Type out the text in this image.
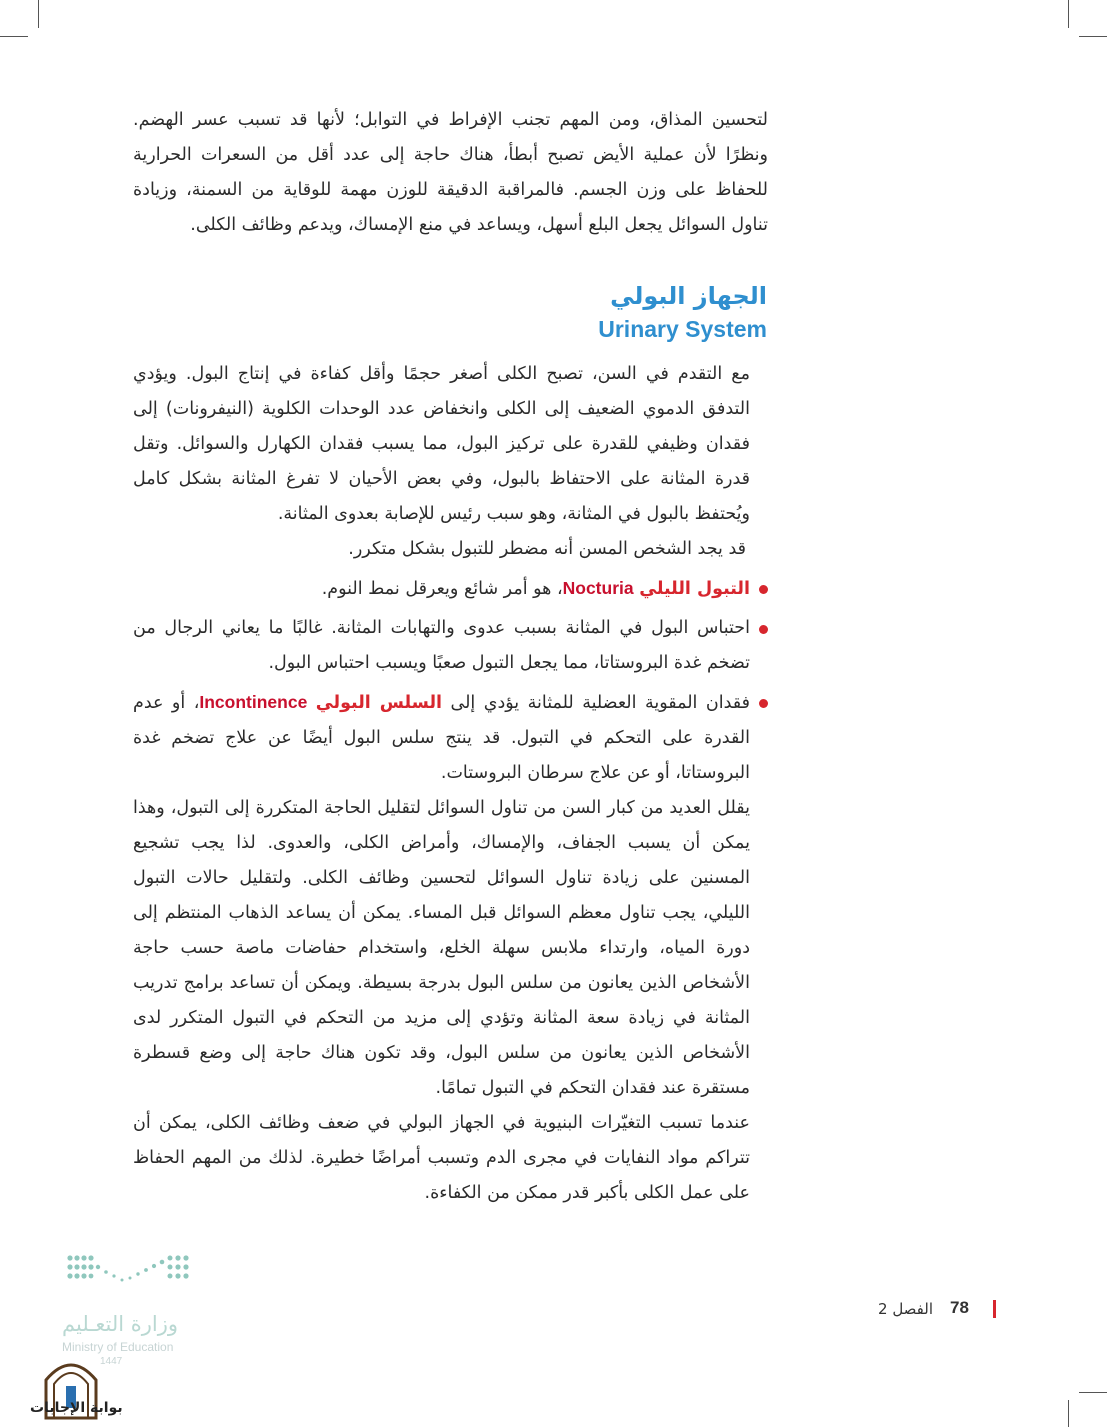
لتحسين المذاق، ومن المهم تجنب الإفراط في التوابل؛ لأنها قد تسبب عسر الهضم. ونظرًا لأن عملية الأيض تصبح أبطأ، هناك حاجة إلى عدد أقل من السعرات الحرارية للحفاظ على وزن الجسم. فالمراقبة الدقيقة للوزن مهمة للوقاية من السمنة، وزيادة تناول السوائل يجعل البلع أسهل، ويساعد في منع الإمساك، ويدعم وظائف الكلى.

الجهاز البولي
Urinary System

مع التقدم في السن، تصبح الكلى أصغر حجمًا وأقل كفاءة في إنتاج البول. ويؤدي التدفق الدموي الضعيف إلى الكلى وانخفاض عدد الوحدات الكلوية (النيفرونات) إلى فقدان وظيفي للقدرة على تركيز البول، مما يسبب فقدان الكهارل والسوائل. وتقل قدرة المثانة على الاحتفاظ بالبول، وفي بعض الأحيان لا تفرغ المثانة بشكل كامل ويُحتفظ بالبول في المثانة، وهو سبب رئيس للإصابة بعدوى المثانة.

قد يجد الشخص المسن أنه مضطر للتبول بشكل متكرر.

التبول الليلي Nocturia، هو أمر شائع ويعرقل نمط النوم.

احتباس البول في المثانة بسبب عدوى والتهابات المثانة. غالبًا ما يعاني الرجال من تضخم غدة البروستاتا، مما يجعل التبول صعبًا ويسبب احتباس البول.

فقدان المقوية العضلية للمثانة يؤدي إلى السلس البولي Incontinence، أو عدم القدرة على التحكم في التبول. قد ينتج سلس البول أيضًا عن علاج تضخم غدة البروستاتا، أو عن علاج سرطان البروستات.

يقلل العديد من كبار السن من تناول السوائل لتقليل الحاجة المتكررة إلى التبول، وهذا يمكن أن يسبب الجفاف، والإمساك، وأمراض الكلى، والعدوى. لذا يجب تشجيع المسنين على زيادة تناول السوائل لتحسين وظائف الكلى. ولتقليل حالات التبول الليلي، يجب تناول معظم السوائل قبل المساء. يمكن أن يساعد الذهاب المنتظم إلى دورة المياه، وارتداء ملابس سهلة الخلع، واستخدام حفاضات ماصة حسب حاجة الأشخاص الذين يعانون من سلس البول بدرجة بسيطة. ويمكن أن تساعد برامج تدريب المثانة في زيادة سعة المثانة وتؤدي إلى مزيد من التحكم في التبول المتكرر لدى الأشخاص الذين يعانون من سلس البول، وقد تكون هناك حاجة إلى وضع قسطرة مستقرة عند فقدان التحكم في التبول تمامًا.

عندما تسبب التغيّرات البنيوية في الجهاز البولي في ضعف وظائف الكلى، يمكن أن تتراكم مواد النفايات في مجرى الدم وتسبب أمراضًا خطيرة. لذلك من المهم الحفاظ على عمل الكلى بأكبر قدر ممكن من الكفاءة.

وزارة التعـليم
Ministry of Education
1447
بوابة الإجابات
78
الفصل 2
